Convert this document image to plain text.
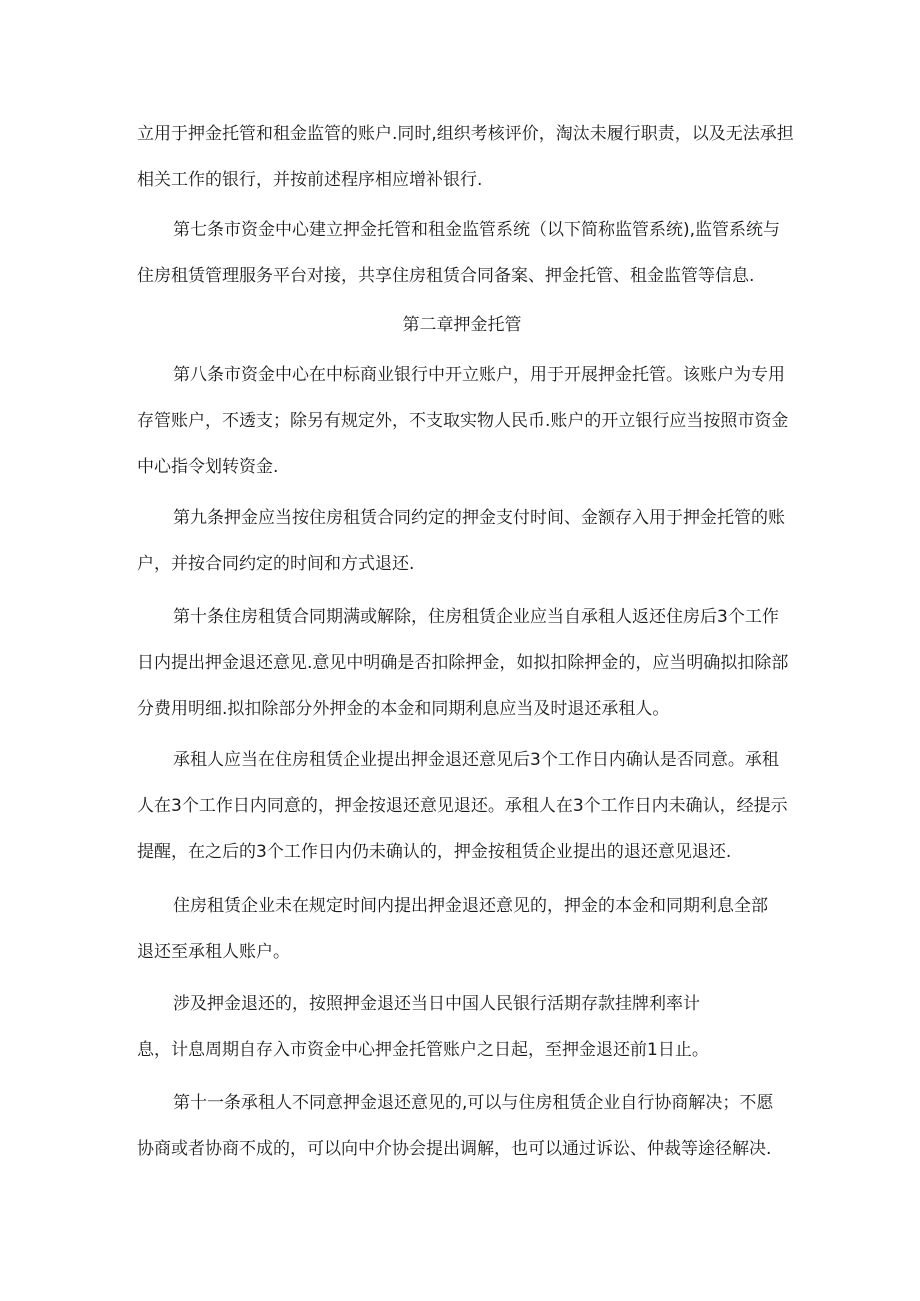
立用于押金托管和租金监管的账户.同时,组织考核评价，淘汰未履行职责，以及无法承担
相关工作的银行，并按前述程序相应增补银行.
第七条市资金中心建立押金托管和租金监管系统（以下简称监管系统),监管系统与
住房租赁管理服务平台对接，共享住房租赁合同备案、押金托管、租金监管等信息.
第二章押金托管
第八条市资金中心在中标商业银行中开立账户，用于开展押金托管。该账户为专用
存管账户，不透支；除另有规定外，不支取实物人民币.账户的开立银行应当按照市资金
中心指令划转资金.
第九条押金应当按住房租赁合同约定的押金支付时间、金额存入用于押金托管的账
户，并按合同约定的时间和方式退还.
第十条住房租赁合同期满或解除，住房租赁企业应当自承租人返还住房后3个工作
日内提出押金退还意见.意见中明确是否扣除押金，如拟扣除押金的，应当明确拟扣除部
分费用明细.拟扣除部分外押金的本金和同期利息应当及时退还承租人。
承租人应当在住房租赁企业提出押金退还意见后3个工作日内确认是否同意。承租
人在3个工作日内同意的，押金按退还意见退还。承租人在3个工作日内未确认，经提示
提醒，在之后的3个工作日内仍未确认的，押金按租赁企业提出的退还意见退还.
住房租赁企业未在规定时间内提出押金退还意见的，押金的本金和同期利息全部
退还至承租人账户。
涉及押金退还的，按照押金退还当日中国人民银行活期存款挂牌利率计
息，计息周期自存入市资金中心押金托管账户之日起，至押金退还前1日止。
第十一条承租人不同意押金退还意见的,可以与住房租赁企业自行协商解决；不愿
协商或者协商不成的，可以向中介协会提出调解，也可以通过诉讼、仲裁等途径解决.
